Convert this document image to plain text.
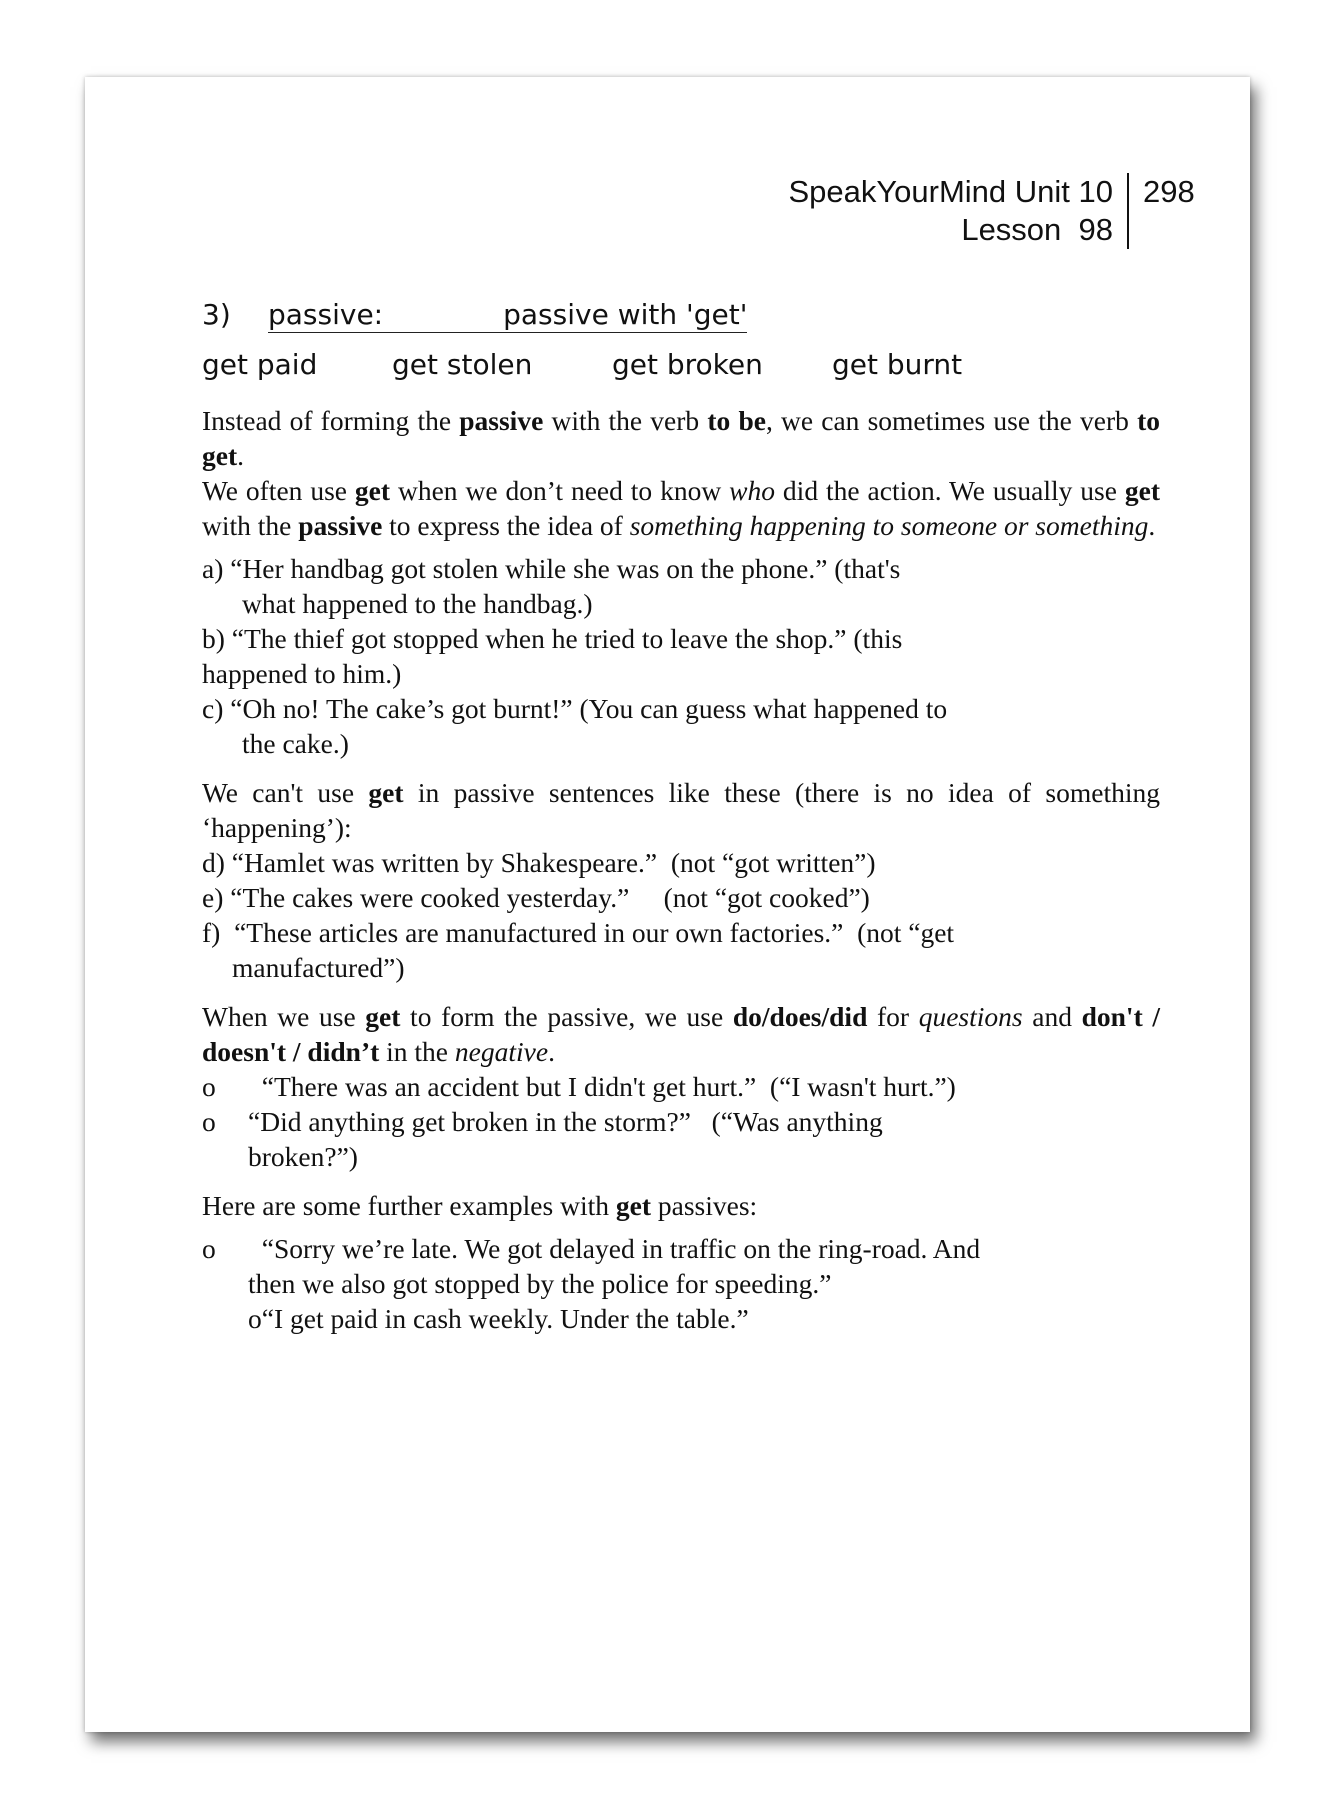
SpeakYourMind Unit 10
Lesson  98
298
3) passive:	passive with 'get'
get paid	get stolen	get broken get burnt

Instead of forming the passive with the verb to be, we can sometimes use the verb to get.

We often use get when we don’t need to know who did the action. We usually use get with the passive to express the idea of something happening to someone or something.

a) “Her handbag got stolen while she was on the phone.” (that's

what happened to the handbag.)

b) “The thief got stopped when he tried to leave the shop.” (this

happened to him.)

c) “Oh no! The cake’s got burnt!” (You can guess what happened to

the cake.)

We can't use get in passive sentences like these (there is no idea of something ‘happening’):

d) “Hamlet was written by Shakespeare.”  (not “got written”)

e) “The cakes were cooked yesterday.”     (not “got cooked”)

f)  “These articles are manufactured in our own factories.”  (not “get

manufactured”)

When we use get to form the passive, we use do/does/did for questions and don't / doesn't / didn’t in the negative.

o  “There was an accident but I didn't get hurt.”  (“I wasn't hurt.”)

o “Did anything get broken in the storm?”   (“Was anything

broken?”)

Here are some further examples with get passives:

o  “Sorry we’re late. We got delayed in traffic on the ring-road. And

then we also got stopped by the police for speeding.”

o“I get paid in cash weekly. Under the table.”
